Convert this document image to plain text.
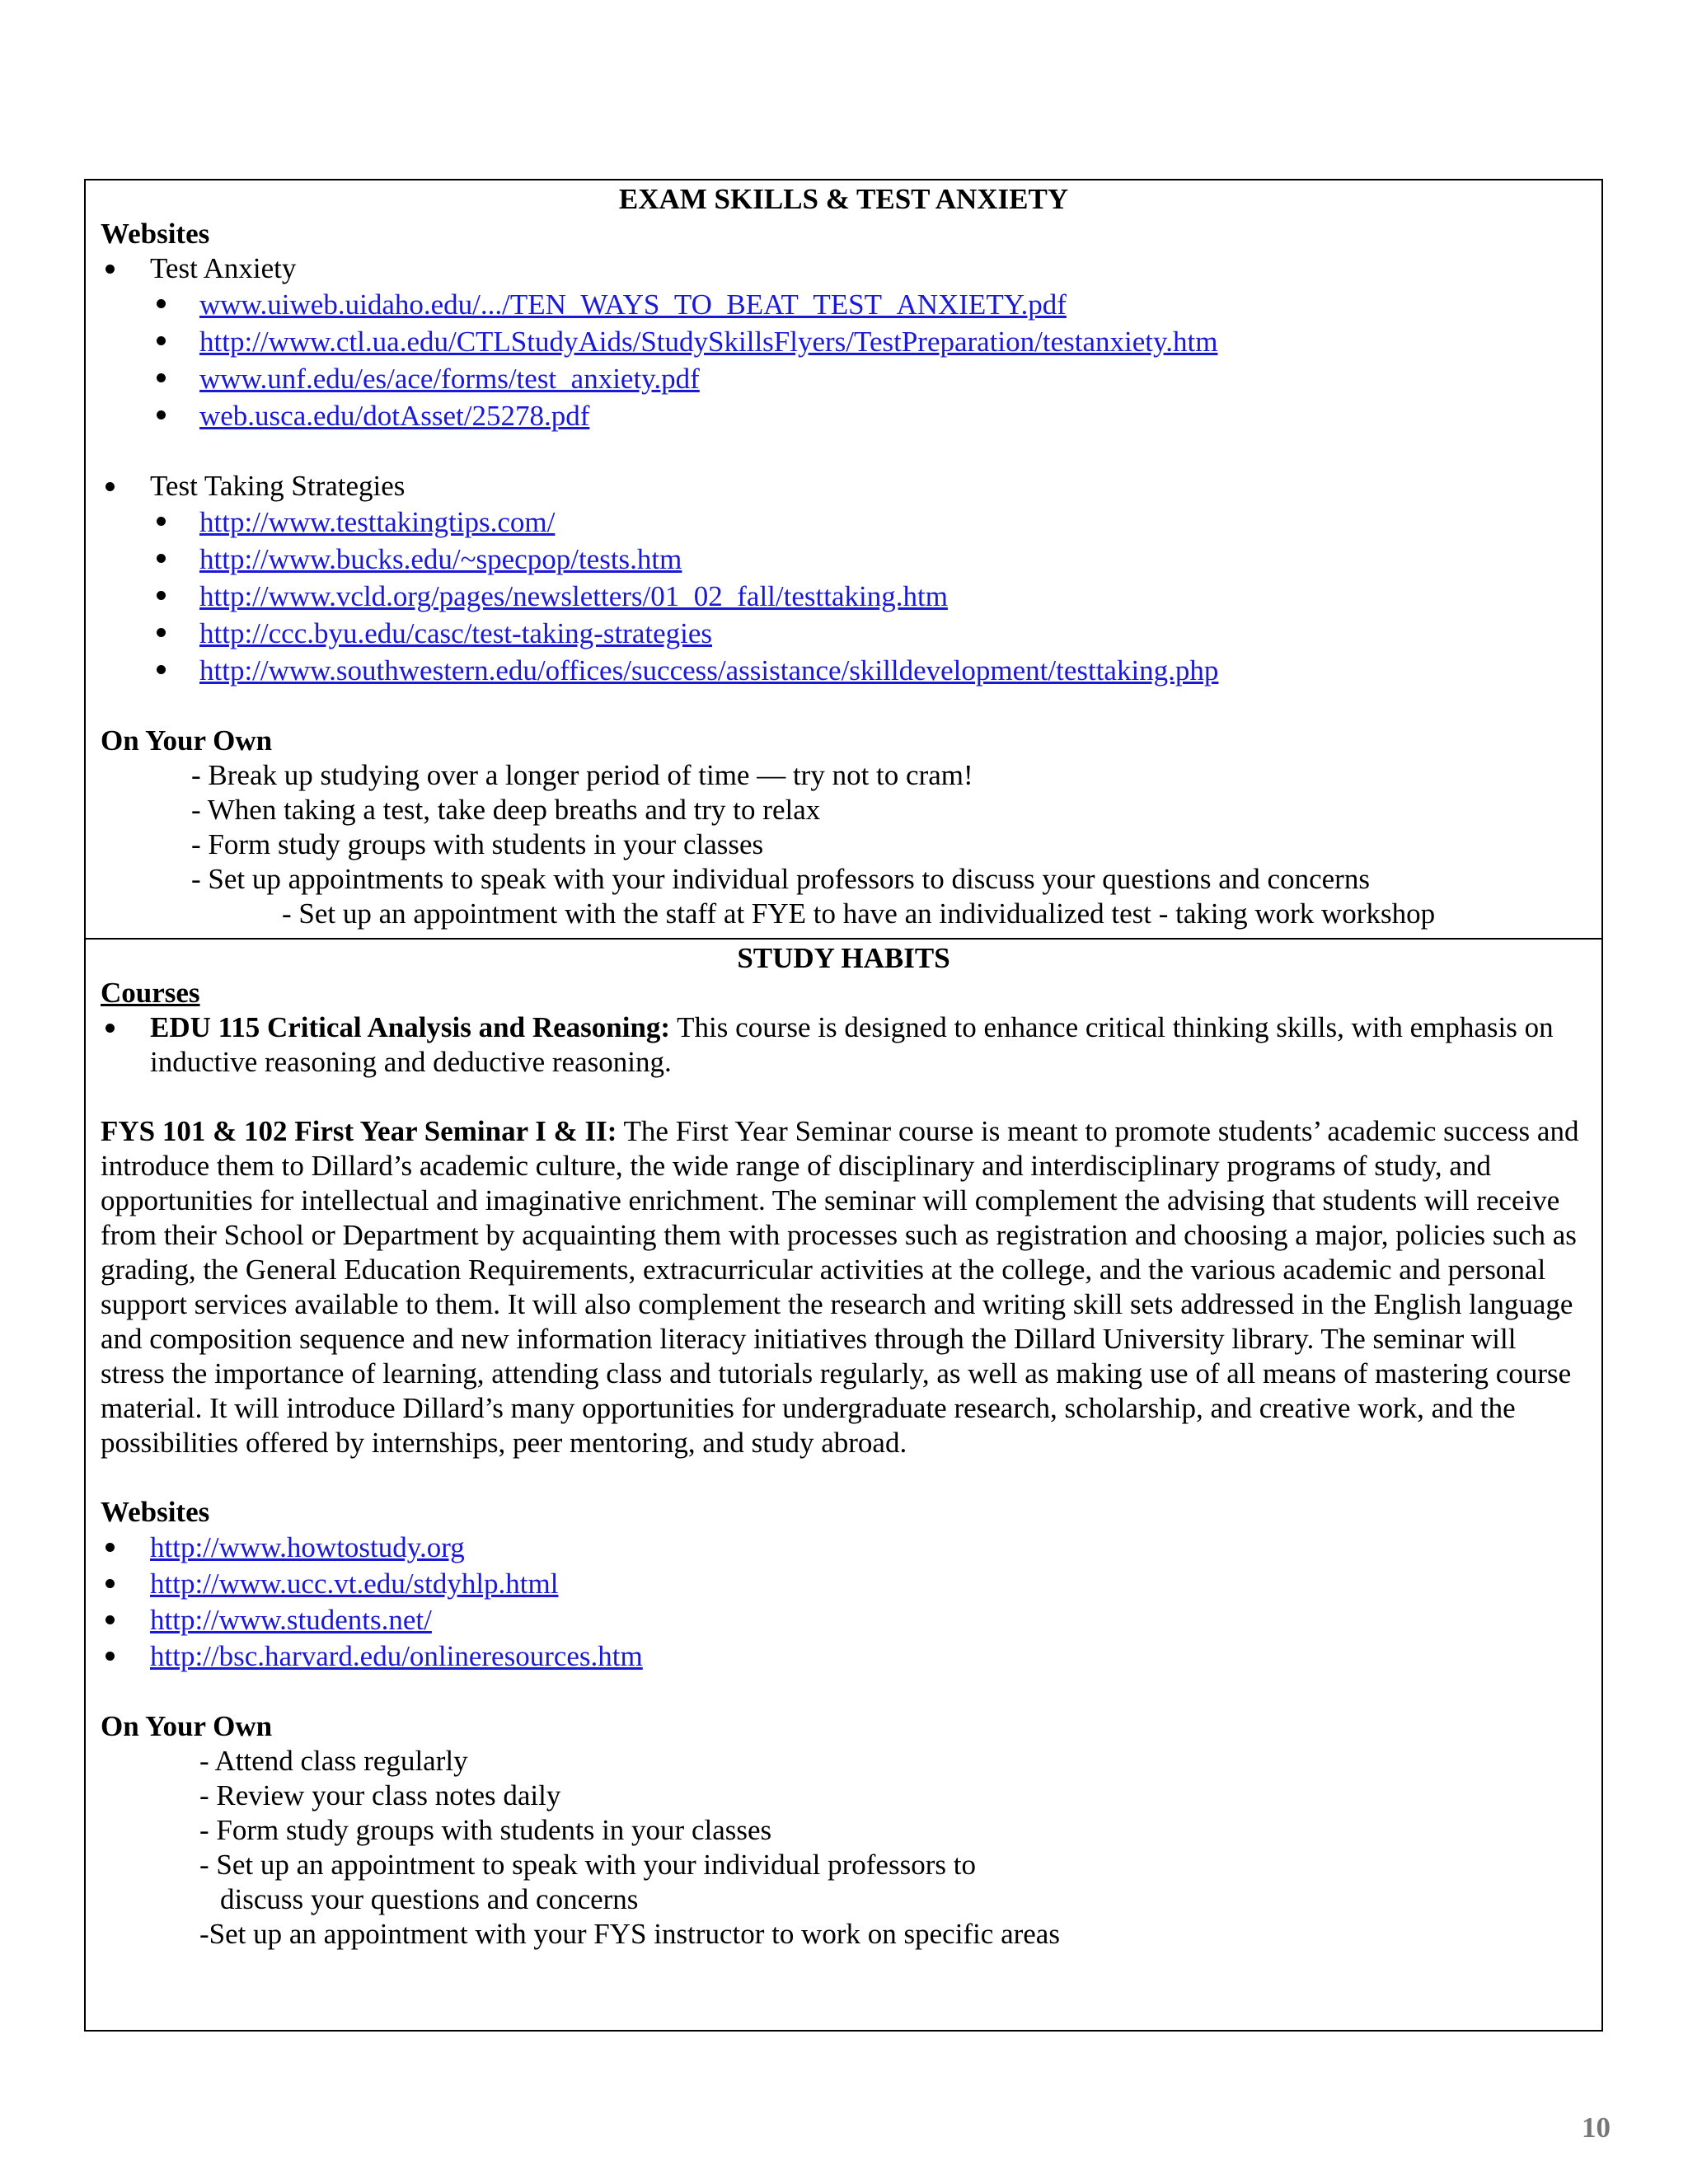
EXAM SKILLS & TEST ANXIETY
Websites
Test Anxiety
www.uiweb.uidaho.edu/.../TEN_WAYS_TO_BEAT_TEST_ANXIETY.pdf
http://www.ctl.ua.edu/CTLStudyAids/StudySkillsFlyers/TestPreparation/testanxiety.htm
www.unf.edu/es/ace/forms/test_anxiety.pdf
web.usca.edu/dotAsset/25278.pdf
Test Taking Strategies
http://www.testtakingtips.com/
http://www.bucks.edu/~specpop/tests.htm
http://www.vcld.org/pages/newsletters/01_02_fall/testtaking.htm
http://ccc.byu.edu/casc/test-taking-strategies
http://www.southwestern.edu/offices/success/assistance/skilldevelopment/testtaking.php
On Your Own
- Break up studying over a longer period of time — try not to cram!
- When taking a test, take deep breaths and try to relax
- Form study groups with students in your classes
- Set up appointments to speak with your individual professors to discuss your questions and concerns
- Set up an appointment with the staff at FYE to have an individualized test - taking work workshop
STUDY HABITS
Courses
EDU 115 Critical Analysis and Reasoning: This course is designed to enhance critical thinking skills, with emphasis on inductive reasoning and deductive reasoning.
FYS 101 & 102 First Year Seminar I & II: The First Year Seminar course is meant to promote students’ academic success and introduce them to Dillard’s academic culture, the wide range of disciplinary and interdisciplinary programs of study, and opportunities for intellectual and imaginative enrichment. The seminar will complement the advising that students will receive from their School or Department by acquainting them with processes such as registration and choosing a major, policies such as grading, the General Education Requirements, extracurricular activities at the college, and the various academic and personal support services available to them. It will also complement the research and writing skill sets addressed in the English language and composition sequence and new information literacy initiatives through the Dillard University library. The seminar will stress the importance of learning, attending class and tutorials regularly, as well as making use of all means of mastering course material. It will introduce Dillard’s many opportunities for undergraduate research, scholarship, and creative work, and the possibilities offered by internships, peer mentoring, and study abroad.
Websites
http://www.howtostudy.org
http://www.ucc.vt.edu/stdyhlp.html
http://www.students.net/
http://bsc.harvard.edu/onlineresources.htm
On Your Own
- Attend class regularly
- Review your class notes daily
- Form study groups with students in your classes
- Set up an appointment to speak with your individual professors to
discuss your questions and concerns
-Set up an appointment with your FYS instructor to work on specific areas
10
